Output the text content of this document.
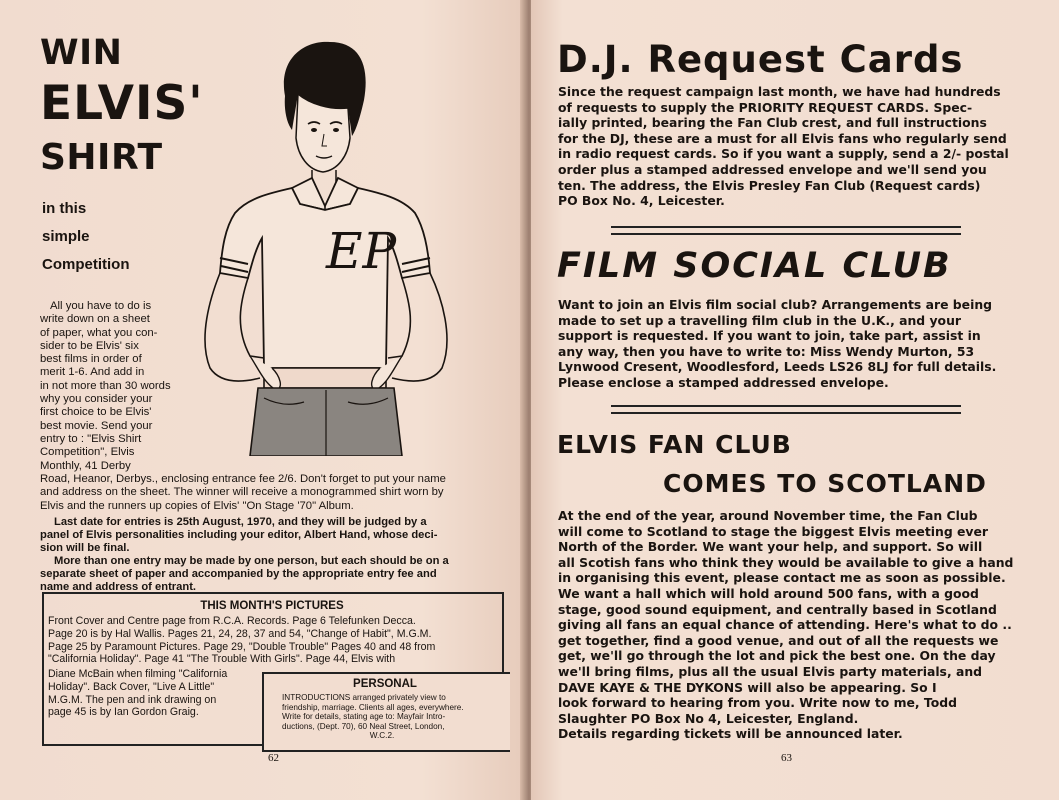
WIN
ELVIS'
SHIRT
in this
simple
Competition	EP

All you have to do is

write down on a sheet

of paper, what you con-

sider to be Elvis' six

best films in order of

merit 1-6. And add in

in not more than 30 words

why you consider your

first choice to be Elvis'

best movie. Send your

entry to : "Elvis Shirt

Competition", Elvis

Monthly, 41 Derby

Road, Heanor, Derbys., enclosing entrance fee 2/6. Don't forget to put your name

and address on the sheet. The winner will receive a monogrammed shirt worn by

Elvis and the runners up copies of Elvis' "On Stage '70" Album.

Last date for entries is 25th August, 1970, and they will be judged by a

panel of Elvis personalities including your editor, Albert Hand, whose deci-

sion will be final.

More than one entry may be made by one person, but each should be on a

separate sheet of paper and accompanied by the appropriate entry fee and

name and address of entrant.

THIS MONTH'S PICTURES

Front Cover and Centre page from R.C.A. Records. Page 6 Telefunken Decca.

Page 20 is by Hal Wallis. Pages 21, 24, 28, 37 and 54, "Change of Habit", M.G.M.

Page 25 by Paramount Pictures. Page 29, "Double Trouble" Pages 40 and 48 from

"California Holiday". Page 41 "The Trouble With Girls". Page 44, Elvis with

Diane McBain when filming "California

Holiday". Back Cover, "Live A Little"

M.G.M. The pen and ink drawing on

page 45 is by Ian Gordon Graig.

PERSONAL

INTRODUCTIONS arranged privately view to

friendship, marriage. Clients all ages, everywhere.

Write for details, stating age to: Mayfair Intro-

ductions, (Dept. 70), 60 Neal Street, London,

W.C.2.

62
D.J. Request Cards

Since the request campaign last month, we have had hundreds

of requests to supply the PRIORITY REQUEST CARDS. Spec-

ially printed, bearing the Fan Club crest, and full instructions

for the DJ, these are a must for all Elvis fans who regularly send

in radio request cards. So if you want a supply, send a 2/- postal

order plus a stamped addressed envelope and we'll send you

ten. The address, the Elvis Presley Fan Club (Request cards)

PO Box No. 4, Leicester.

FILM SOCIAL CLUB

Want to join an Elvis film social club? Arrangements are being

made to set up a travelling film club in the U.K., and your

support is requested. If you want to join, take part, assist in

any way, then you have to write to: Miss Wendy Murton, 53

Lynwood Cresent, Woodlesford, Leeds LS26 8LJ for full details.

Please enclose a stamped addressed envelope.

ELVIS FAN CLUB
COMES TO SCOTLAND

At the end of the year, around November time, the Fan Club

will come to Scotland to stage the biggest Elvis meeting ever

North of the Border. We want your help, and support. So will

all Scotish fans who think they would be available to give a hand

in organising this event, please contact me as soon as possible.

We want a hall which will hold around 500 fans, with a good

stage, good sound equipment, and centrally based in Scotland

giving all fans an equal chance of attending. Here's what to do ..

get together, find a good venue, and out of all the requests we

get, we'll go through the lot and pick the best one. On the day

we'll bring films, plus all the usual Elvis party materials, and

DAVE KAYE & THE DYKONS will also be appearing. So I

look forward to hearing from you. Write now to me, Todd

Slaughter PO Box No 4, Leicester, England.

Details regarding tickets will be announced later.

63
